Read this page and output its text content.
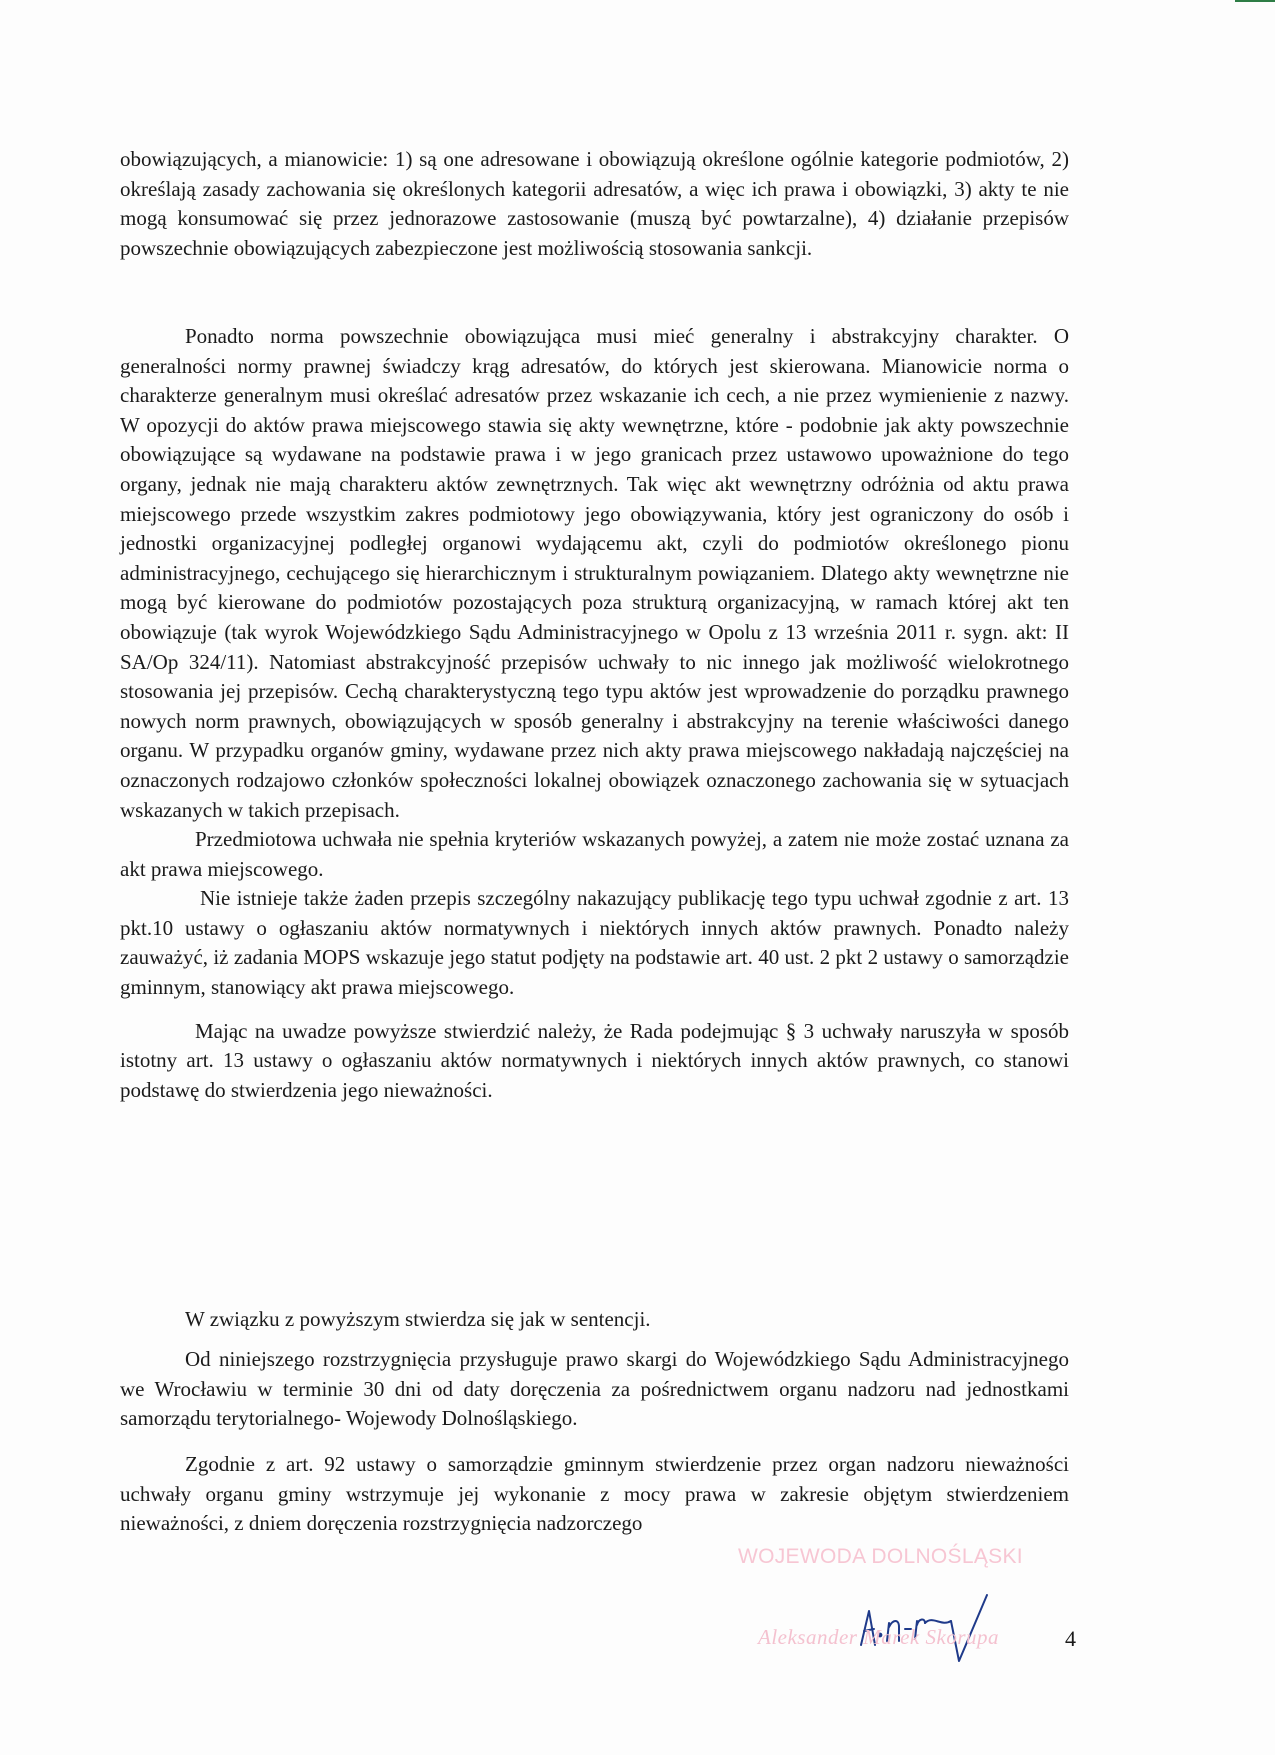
obowiązujących, a mianowicie: 1) są one adresowane i obowiązują określone ogólnie kategorie podmiotów, 2) określają zasady zachowania się określonych kategorii adresatów, a więc ich prawa i obowiązki, 3) akty te nie mogą konsumować się przez jednorazowe zastosowanie (muszą być powtarzalne), 4) działanie przepisów powszechnie obowiązujących zabezpieczone jest możliwością stosowania sankcji.

Ponadto norma powszechnie obowiązująca musi mieć generalny i abstrakcyjny charakter. O generalności normy prawnej świadczy krąg adresatów, do których jest skierowana. Mianowicie norma o charakterze generalnym musi określać adresatów przez wskazanie ich cech, a nie przez wymienienie z nazwy. W opozycji do aktów prawa miejscowego stawia się akty wewnętrzne, które - podobnie jak akty powszechnie obowiązujące są wydawane na podstawie prawa i w jego granicach przez ustawowo upoważnione do tego organy, jednak nie mają charakteru aktów zewnętrznych. Tak więc akt wewnętrzny odróżnia od aktu prawa miejscowego przede wszystkim zakres podmiotowy jego obowiązywania, który jest ograniczony do osób i jednostki organizacyjnej podległej organowi wydającemu akt, czyli do podmiotów określonego pionu administracyjnego, cechującego się hierarchicznym i strukturalnym powiązaniem. Dlatego akty wewnętrzne nie mogą być kierowane do podmiotów pozostających poza strukturą organizacyjną, w ramach której akt ten obowiązuje (tak wyrok Wojewódzkiego Sądu Administracyjnego w Opolu z 13 września 2011 r. sygn. akt: II SA/Op 324/11). Natomiast abstrakcyjność przepisów uchwały to nic innego jak możliwość wielokrotnego stosowania jej przepisów. Cechą charakterystyczną tego typu aktów jest wprowadzenie do porządku prawnego nowych norm prawnych, obowiązujących w sposób generalny i abstrakcyjny na terenie właściwości danego organu. W przypadku organów gminy, wydawane przez nich akty prawa miejscowego nakładają najczęściej na oznaczonych rodzajowo członków społeczności lokalnej obowiązek oznaczonego zachowania się w sytuacjach wskazanych w takich przepisach.

Przedmiotowa uchwała nie spełnia kryteriów wskazanych powyżej, a zatem nie może zostać uznana za akt prawa miejscowego.

Nie istnieje także żaden przepis szczególny nakazujący publikację tego typu uchwał zgodnie z art. 13 pkt.10 ustawy o ogłaszaniu aktów normatywnych i niektórych innych aktów prawnych. Ponadto należy zauważyć, iż zadania MOPS wskazuje jego statut podjęty na podstawie art. 40 ust. 2 pkt 2 ustawy o samorządzie gminnym, stanowiący akt prawa miejscowego.

Mając na uwadze powyższe stwierdzić należy, że Rada podejmując § 3 uchwały naruszyła w sposób istotny art. 13 ustawy o ogłaszaniu aktów normatywnych i niektórych innych aktów prawnych, co stanowi podstawę do stwierdzenia jego nieważności.

W związku z powyższym stwierdza się jak w sentencji.

Od niniejszego rozstrzygnięcia przysługuje prawo skargi do Wojewódzkiego Sądu Administracyjnego we Wrocławiu w terminie 30 dni od daty doręczenia za pośrednictwem organu nadzoru nad jednostkami samorządu terytorialnego- Wojewody Dolnośląskiego.

Zgodnie z art. 92 ustawy o samorządzie gminnym stwierdzenie przez organ nadzoru nieważności uchwały organu gminy wstrzymuje jej wykonanie z mocy prawa w zakresie objętym stwierdzeniem nieważności, z dniem doręczenia rozstrzygnięcia nadzorczego

WOJEWODA DOLNOŚLĄSKI
Aleksander Marek Skorupa	4
